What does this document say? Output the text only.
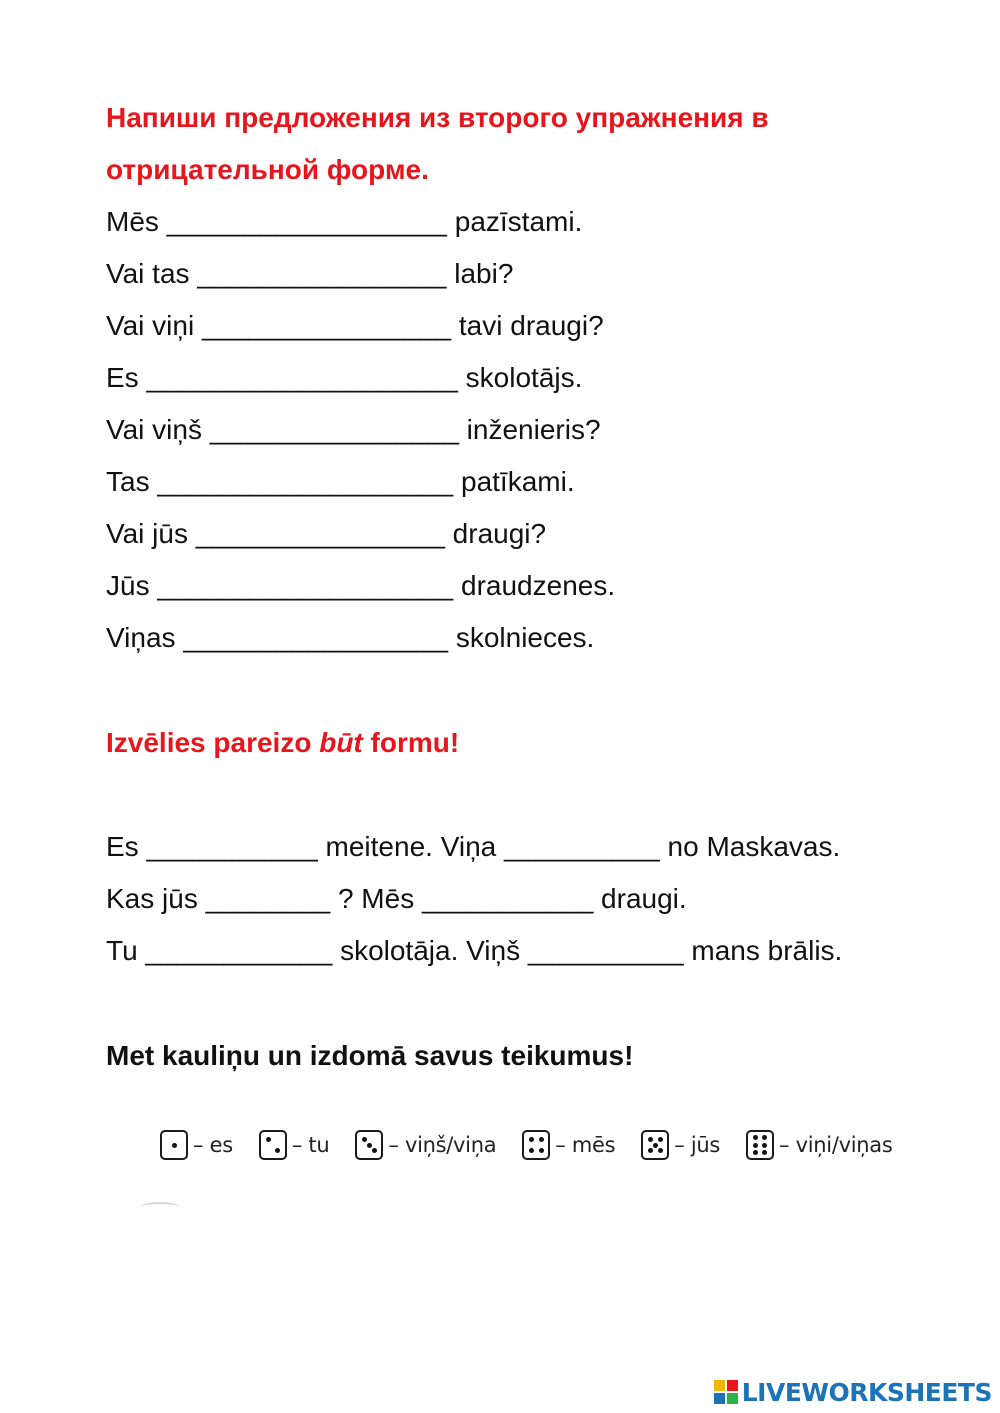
Напиши предложения из второго упражнения в

отрицательной форме.

Mēs __________________ pazīstami.

Vai tas ________________ labi?

Vai viņi ________________ tavi draugi?

Es ____________________ skolotājs.

Vai viņš ________________ inženieris?

Tas ___________________ patīkami.

Vai jūs ________________ draugi?

Jūs ___________________ draudzenes.

Viņas _________________ skolnieces.

Izvēlies pareizo būt formu!

Es ___________ meitene. Viņa __________ no Maskavas.

Kas jūs ________ ? Mēs ___________ draugi.

Tu ____________ skolotāja. Viņš __________ mans brālis.

Met kauliņu un izdomā savus teikumus!

– es	– tu	– viņš/viņa	– mēs	– jūs	– viņi/viņas
LIVEWORKSHEETS
